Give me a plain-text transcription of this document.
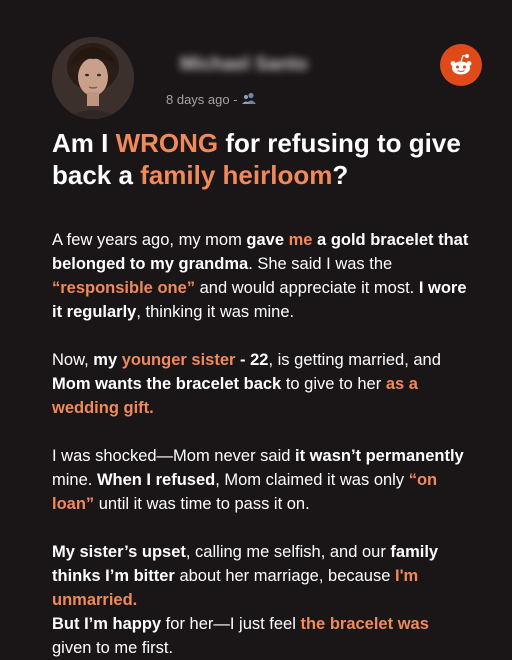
Michael Santo
8 days ago -
Am I WRONG for refusing to give back a family heirloom?

A few years ago, my mom gave me a gold bracelet that belonged to my grandma. She said I was the “responsible one” and would appreciate it most. I wore it regularly, thinking it was mine.

Now, my younger sister - 22, is getting married, and Mom wants the bracelet back to give to her as a wedding gift.

I was shocked—Mom never said it wasn’t permanently mine. When I refused, Mom claimed it was only “on loan” until it was time to pass it on.

My sister’s upset, calling me selfish, and our family thinks I’m bitter about her marriage, because I'm unmarried.

But I’m happy for her—I just feel the bracelet was given to me first.
